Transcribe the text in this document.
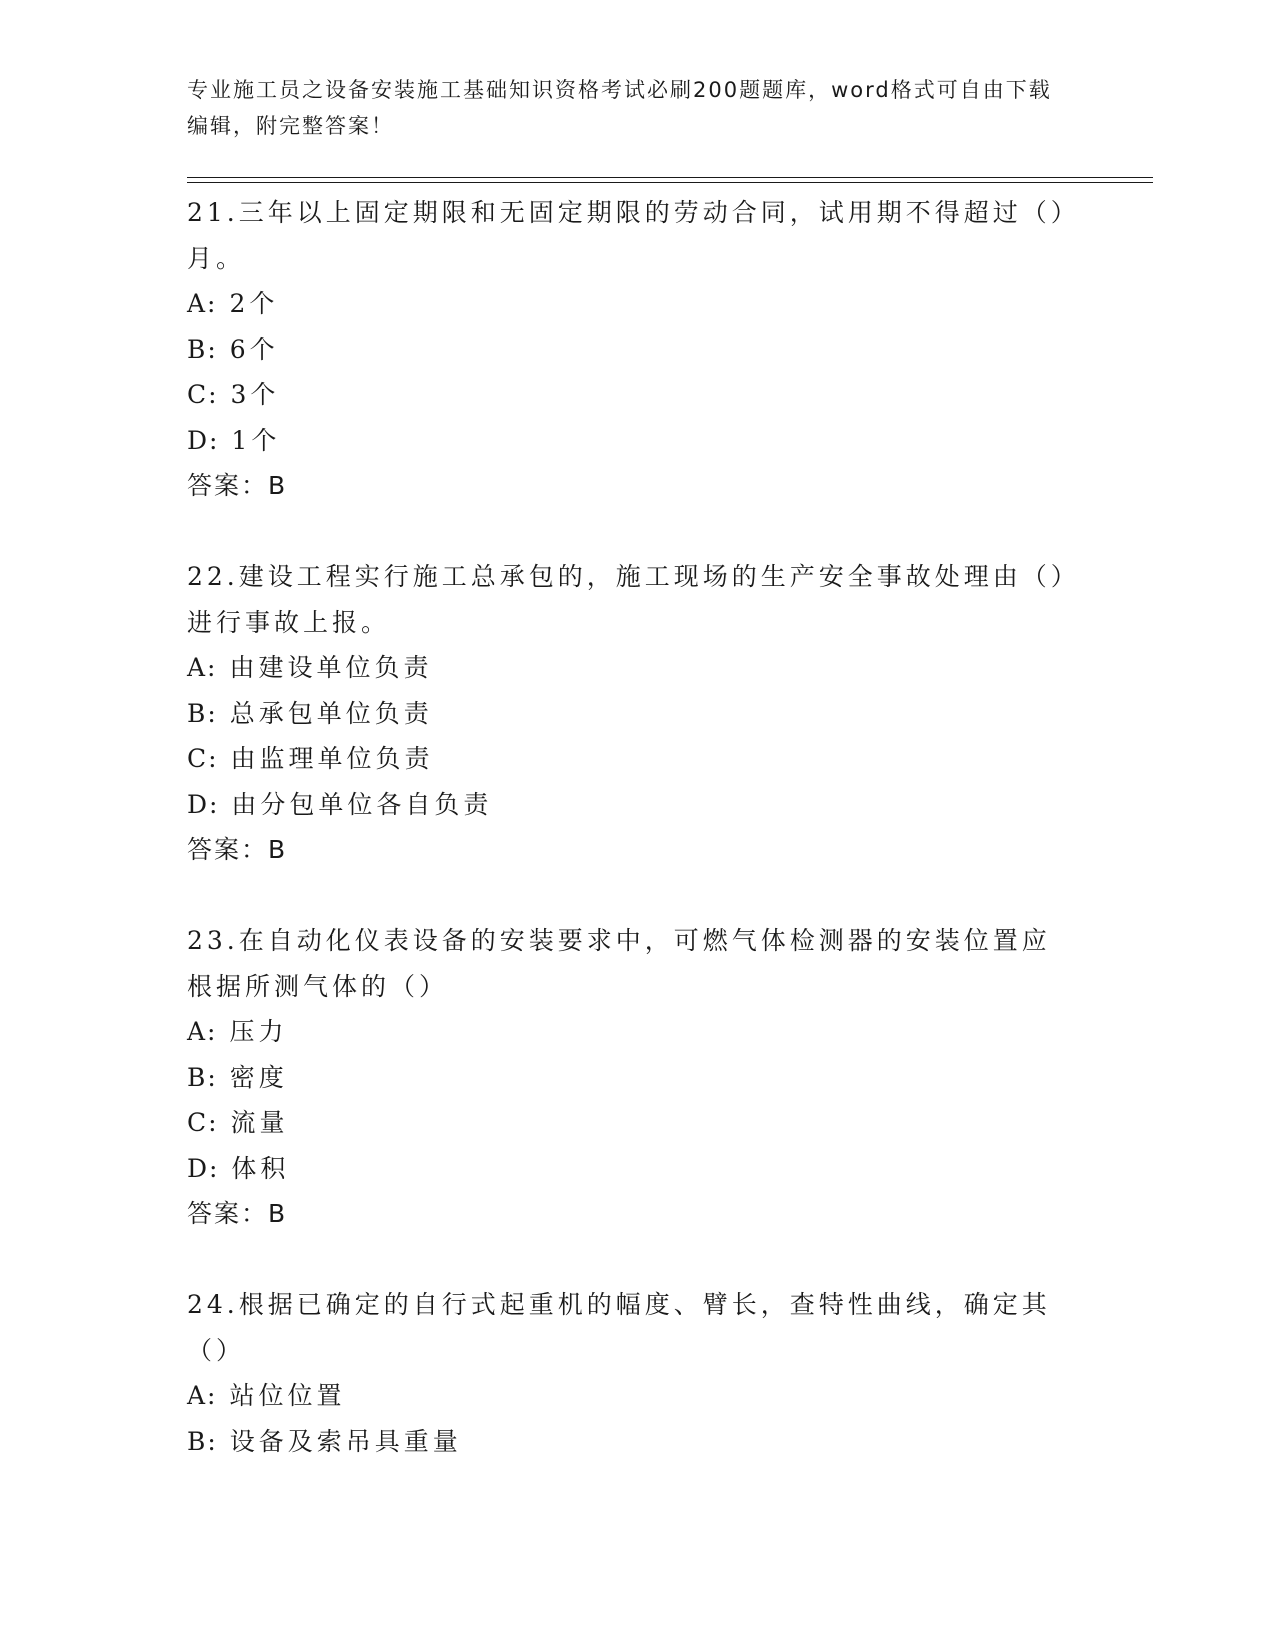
专业施工员之设备安装施工基础知识资格考试必刷200题题库，word格式可自由下载编辑，附完整答案！

21.三年以上固定期限和无固定期限的劳动合同，试用期不得超过（）月。

A: 2个

B: 6个

C: 3个

D: 1个

答案：B

22.建设工程实行施工总承包的，施工现场的生产安全事故处理由（）进行事故上报。

A: 由建设单位负责

B: 总承包单位负责

C: 由监理单位负责

D: 由分包单位各自负责

答案：B

23.在自动化仪表设备的安装要求中，可燃气体检测器的安装位置应根据所测气体的（）

A: 压力

B: 密度

C: 流量

D: 体积

答案：B

24.根据已确定的自行式起重机的幅度、臂长，查特性曲线，确定其（）

A: 站位位置

B: 设备及索吊具重量
